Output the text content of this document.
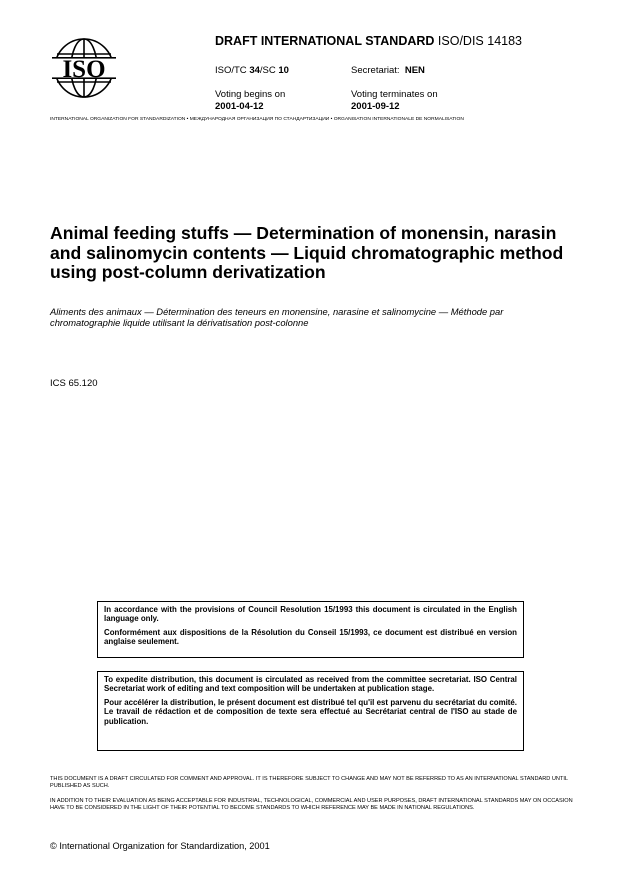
ISO
DRAFT INTERNATIONAL STANDARD ISO/DIS 14183
ISO/TC 34/SC 10	Secretariat: NEN
Voting begins on
2001-04-12
Voting terminates on
2001-09-12
INTERNATIONAL ORGANIZATION FOR STANDARDIZATION • МЕЖДУНАРОДНАЯ ОРГАНИЗАЦИЯ ПО СТАНДАРТИЗАЦИИ • ORGANISATION INTERNATIONALE DE NORMALISATION
Animal feeding stuffs — Determination of monensin, narasin and salinomycin contents — Liquid chromatographic method using post-column derivatization

Aliments des animaux — Détermination des teneurs en monensine, narasine et salinomycine — Méthode par chromatographie liquide utilisant la dérivatisation post-colonne

ICS 65.120

In accordance with the provisions of Council Resolution 15/1993 this document is circulated in the English language only.

Conformément aux dispositions de la Résolution du Conseil 15/1993, ce document est distribué en version anglaise seulement.

To expedite distribution, this document is circulated as received from the committee secretariat. ISO Central Secretariat work of editing and text composition will be undertaken at publication stage.

Pour accélérer la distribution, le présent document est distribué tel qu'il est parvenu du secrétariat du comité. Le travail de rédaction et de composition de texte sera effectué au Secrétariat central de l'ISO au stade de publication.

THIS DOCUMENT IS A DRAFT CIRCULATED FOR COMMENT AND APPROVAL. IT IS THEREFORE SUBJECT TO CHANGE AND MAY NOT BE REFERRED TO AS AN INTERNATIONAL STANDARD UNTIL PUBLISHED AS SUCH.

IN ADDITION TO THEIR EVALUATION AS BEING ACCEPTABLE FOR INDUSTRIAL, TECHNOLOGICAL, COMMERCIAL AND USER PURPOSES, DRAFT INTERNATIONAL STANDARDS MAY ON OCCASION HAVE TO BE CONSIDERED IN THE LIGHT OF THEIR POTENTIAL TO BECOME STANDARDS TO WHICH REFERENCE MAY BE MADE IN NATIONAL REGULATIONS.

© International Organization for Standardization, 2001
